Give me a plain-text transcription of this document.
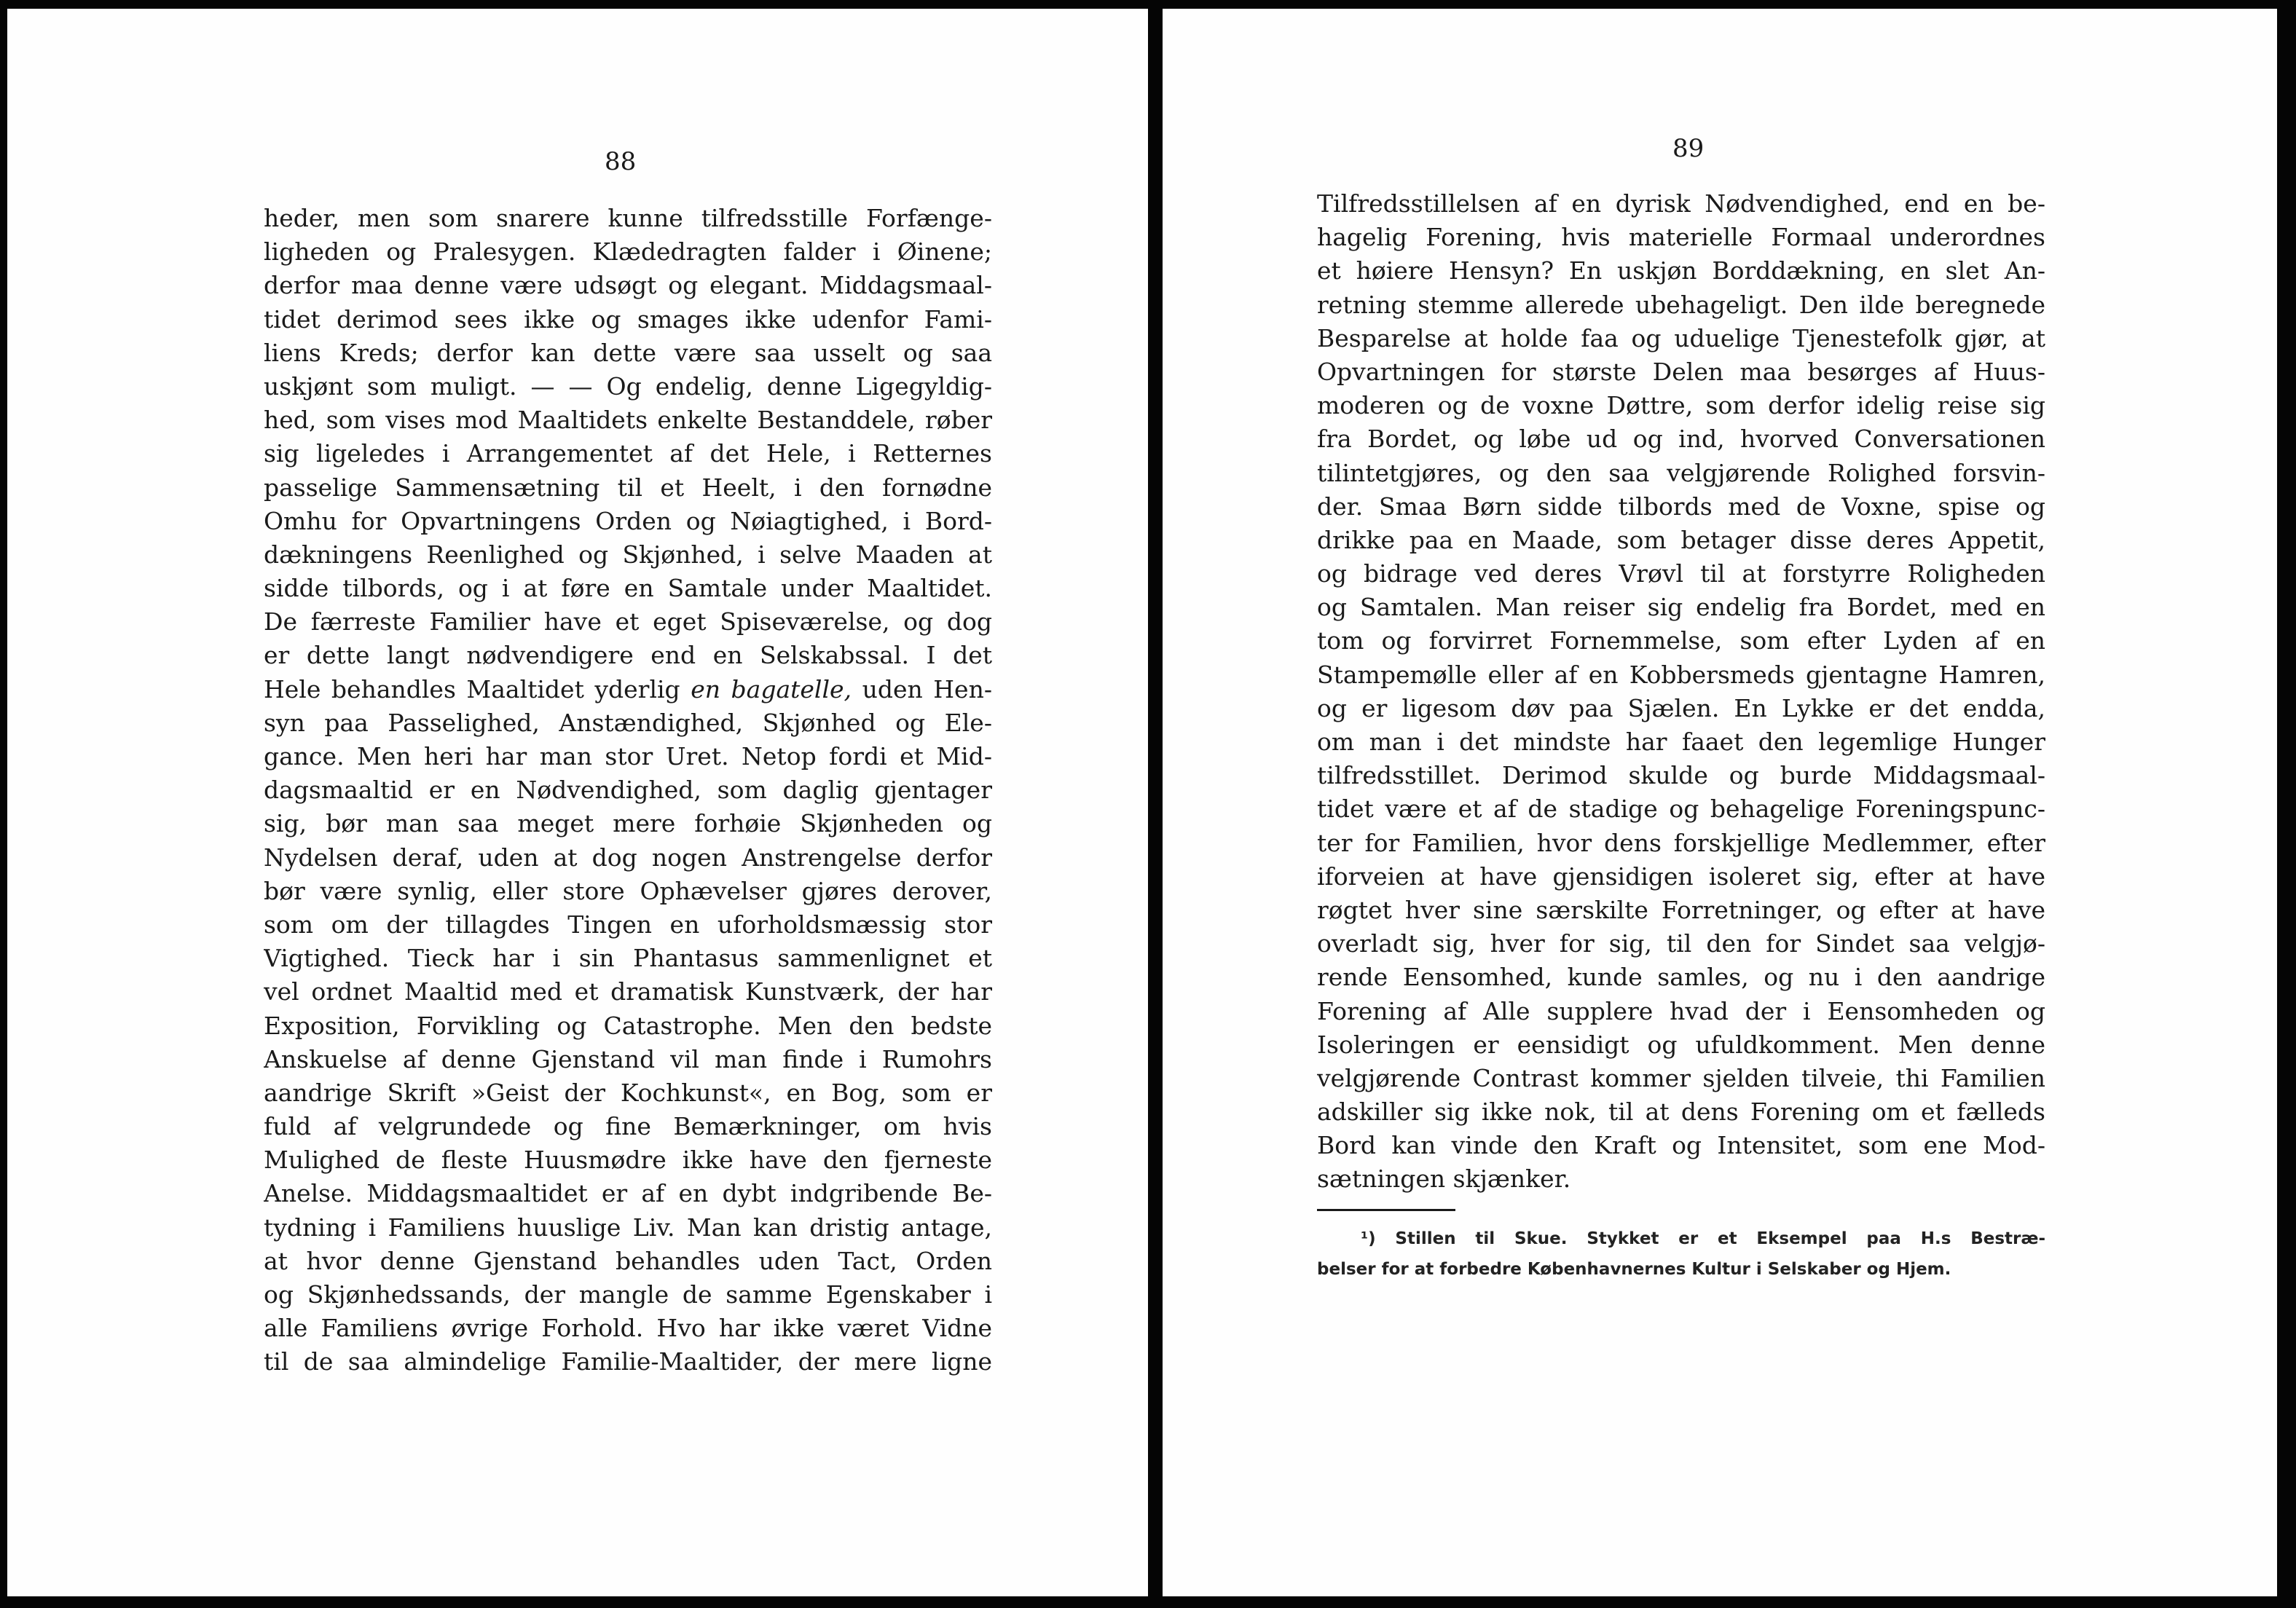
88
heder, men som snarere kunne tilfredsstille Forfænge-
ligheden og Pralesygen. Klædedragten falder i Øinene;
derfor maa denne være udsøgt og elegant. Middagsmaal-
tidet derimod sees ikke og smages ikke udenfor Fami-
liens Kreds; derfor kan dette være saa usselt og saa
uskjønt som muligt. — — Og endelig, denne Ligegyldig-
hed, som vises mod Maaltidets enkelte Bestanddele, røber
sig ligeledes i Arrangementet af det Hele, i Retternes
passelige Sammensætning til et Heelt, i den fornødne
Omhu for Opvartningens Orden og Nøiagtighed, i Bord-
dækningens Reenlighed og Skjønhed, i selve Maaden at
sidde tilbords, og i at føre en Samtale under Maaltidet.
De færreste Familier have et eget Spiseværelse, og dog
er dette langt nødvendigere end en Selskabssal. I det
Hele behandles Maaltidet yderlig en bagatelle, uden Hen-
syn paa Passelighed, Anstændighed, Skjønhed og Ele-
gance. Men heri har man stor Uret. Netop fordi et Mid-
dagsmaaltid er en Nødvendighed, som daglig gjentager
sig, bør man saa meget mere forhøie Skjønheden og
Nydelsen deraf, uden at dog nogen Anstrengelse derfor
bør være synlig, eller store Ophævelser gjøres derover,
som om der tillagdes Tingen en uforholdsmæssig stor
Vigtighed. Tieck har i sin Phantasus sammenlignet et
vel ordnet Maaltid med et dramatisk Kunstværk, der har
Exposition, Forvikling og Catastrophe. Men den bedste
Anskuelse af denne Gjenstand vil man finde i Rumohrs
aandrige Skrift »Geist der Kochkunst«, en Bog, som er
fuld af velgrundede og fine Bemærkninger, om hvis
Mulighed de fleste Huusmødre ikke have den fjerneste
Anelse. Middagsmaaltidet er af en dybt indgribende Be-
tydning i Familiens huuslige Liv. Man kan dristig antage,
at hvor denne Gjenstand behandles uden Tact, Orden
og Skjønhedssands, der mangle de samme Egenskaber i
alle Familiens øvrige Forhold. Hvo har ikke været Vidne
til de saa almindelige Familie-Maaltider, der mere ligne
89
Tilfredsstillelsen af en dyrisk Nødvendighed, end en be-
hagelig Forening, hvis materielle Formaal underordnes
et høiere Hensyn? En uskjøn Borddækning, en slet An-
retning stemme allerede ubehageligt. Den ilde beregnede
Besparelse at holde faa og uduelige Tjenestefolk gjør, at
Opvartningen for største Delen maa besørges af Huus-
moderen og de voxne Døttre, som derfor idelig reise sig
fra Bordet, og løbe ud og ind, hvorved Conversationen
tilintetgjøres, og den saa velgjørende Rolighed forsvin-
der. Smaa Børn sidde tilbords med de Voxne, spise og
drikke paa en Maade, som betager disse deres Appetit,
og bidrage ved deres Vrøvl til at forstyrre Roligheden
og Samtalen. Man reiser sig endelig fra Bordet, med en
tom og forvirret Fornemmelse, som efter Lyden af en
Stampemølle eller af en Kobbersmeds gjentagne Hamren,
og er ligesom døv paa Sjælen. En Lykke er det endda,
om man i det mindste har faaet den legemlige Hunger
tilfredsstillet. Derimod skulde og burde Middagsmaal-
tidet være et af de stadige og behagelige Foreningspunc-
ter for Familien, hvor dens forskjellige Medlemmer, efter
iforveien at have gjensidigen isoleret sig, efter at have
røgtet hver sine særskilte Forretninger, og efter at have
overladt sig, hver for sig, til den for Sindet saa velgjø-
rende Eensomhed, kunde samles, og nu i den aandrige
Forening af Alle supplere hvad der i Eensomheden og
Isoleringen er eensidigt og ufuldkomment. Men denne
velgjørende Contrast kommer sjelden tilveie, thi Familien
adskiller sig ikke nok, til at dens Forening om et fælleds
Bord kan vinde den Kraft og Intensitet, som ene Mod-
sætningen skjænker.
¹) Stillen til Skue. Stykket er et Eksempel paa H.s Bestræ-
belser for at forbedre Københavnernes Kultur i Selskaber og Hjem.
